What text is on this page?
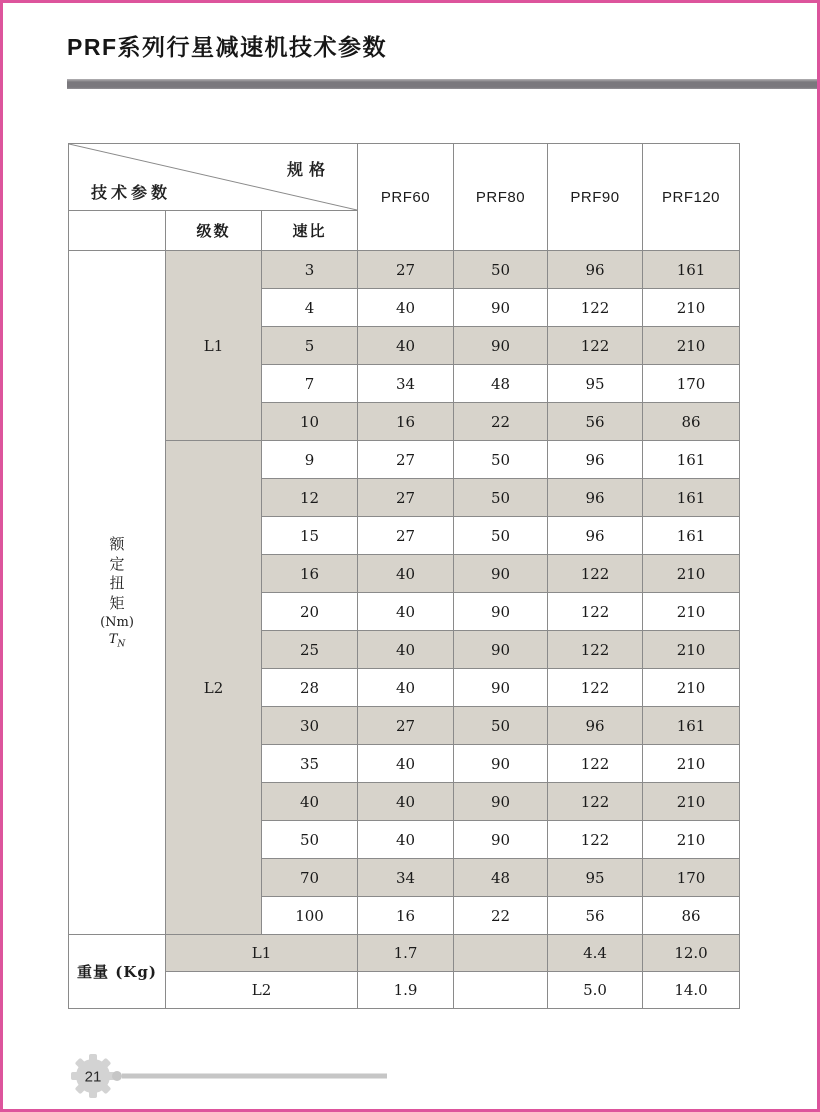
PRF系列行星减速机技术参数
规格
技术参数			PRF60	PRF80	PRF90	PRF120
	级数	速比				

额
定
扭
矩
(Nm)
$T_N$
	L1	3	27	50	96	161
		4	40	90	122	210
		5	40	90	122	210
		7	34	48	95	170
		10	16	22	56	86
	L2	9	27	50	96	161
		12	27	50	96	161
		15	27	50	96	161
		16	40	90	122	210
		20	40	90	122	210
		25	40	90	122	210
		28	40	90	122	210
		30	27	50	96	161
		35	40	90	122	210
		40	40	90	122	210
		50	40	90	122	210
		70	34	48	95	170
		100	16	22	56	86
重量 (Kg)	L1		1.7		4.4	12.0
	L2		1.9		5.0	14.0
21
